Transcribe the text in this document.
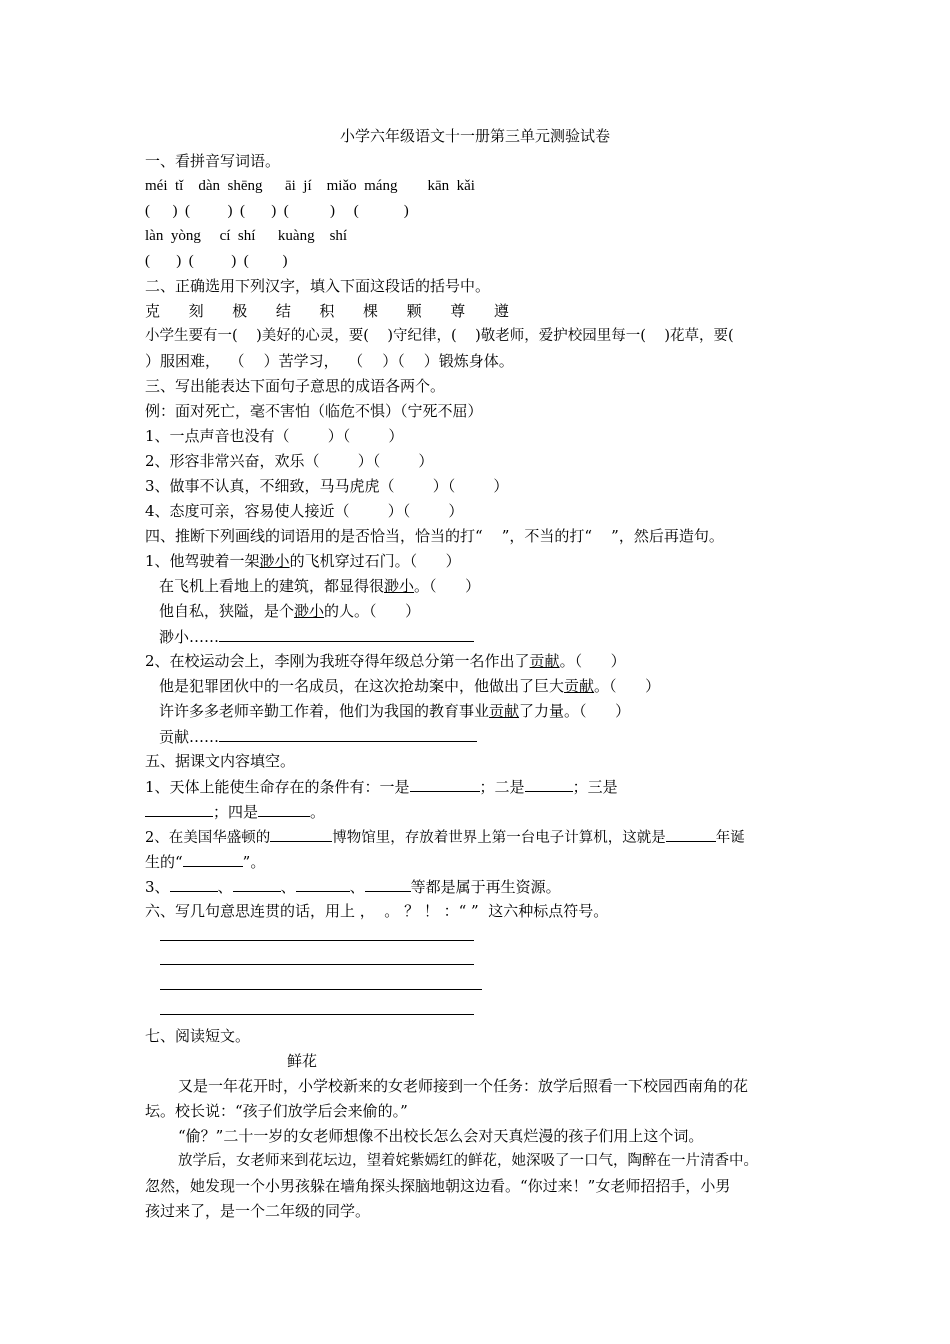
小学六年级语文十一册第三单元测验试卷
一、看拼音写词语。
méi  tǐ    dàn  shēng      āi  jí    miǎo  máng        kān  kǎi
(      )  (          )  (       )  (           )     (            )
làn  yòng     cí  shí      kuàng    shí
(       )  (          )  (         )
二、正确选用下列汉字，填入下面这段话的括号中。
克      刻      极      结      积      棵      颗      尊      遵
小学生要有一(    )美好的心灵，要(    )守纪律，(    )敬老师，爱护校园里每一(    )花草，要(
）服困难，  （    ）苦学习，  （    ）（    ）锻炼身体。
三、写出能表达下面句子意思的成语各两个。
例：面对死亡，毫不害怕（临危不惧）（宁死不屈）
1、一点声音也没有（        ）（        ）
2、形容非常兴奋，欢乐（        ）（        ）
3、做事不认真，不细致，马马虎虎（        ）（        ）
4、态度可亲，容易使人接近（        ）（        ）
四、推断下列画线的词语用的是否恰当，恰当的打“    ”，不当的打“    ”，然后再造句。
1、他驾驶着一架渺小的飞机穿过石门。（      ）
在飞机上看地上的建筑，都显得很渺小。（      ）
他自私，狭隘，是个渺小的人。（      ）
渺小……
2、在校运动会上，李刚为我班夺得年级总分第一名作出了贡献。（      ）
他是犯罪团伙中的一名成员，在这次抢劫案中，他做出了巨大贡献。（      ）
许许多多老师辛勤工作着，他们为我国的教育事业贡献了力量。（      ）
贡献……
五、据课文内容填空。
1、天体上能使生命存在的条件有：一是	；二是	；三是
；四是	。
2、在美国华盛顿的	博物馆里，存放着世界上第一台电子计算机，这就是	年诞
生的“	”。
3、	、	、	、	等都是属于再生资源。
六、写几句意思连贯的话，用上 ，  。 ？ ！ ：“ ”  这六种标点符号。
七、阅读短文。
鲜花
又是一年花开时，小学校新来的女老师接到一个任务：放学后照看一下校园西南角的花
坛。校长说：“孩子们放学后会来偷的。”
“偷？”二十一岁的女老师想像不出校长怎么会对天真烂漫的孩子们用上这个词。
放学后，女老师来到花坛边，望着姹紫嫣红的鲜花，她深吸了一口气，陶醉在一片清香中。
忽然，她发现一个小男孩躲在墙角探头探脑地朝这边看。“你过来！”女老师招招手，小男
孩过来了，是一个二年级的同学。
